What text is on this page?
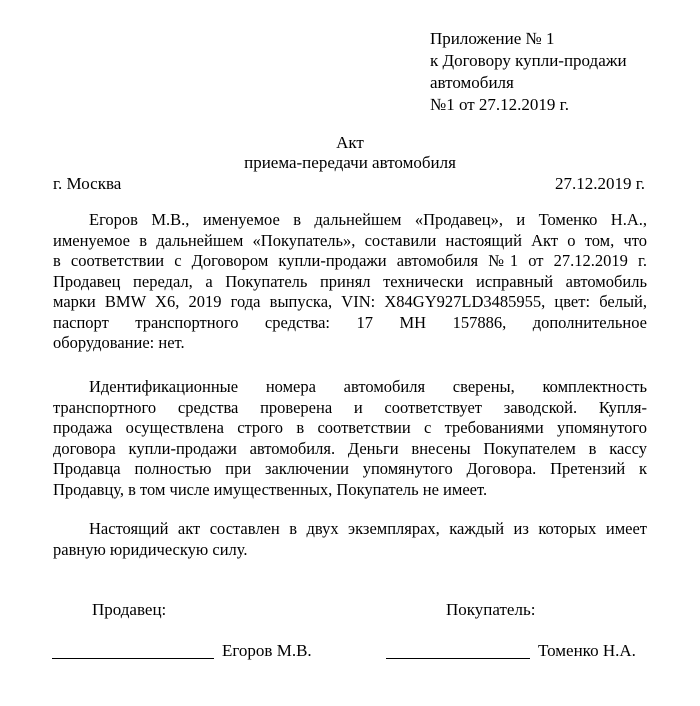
Приложение № 1
к Договору купли-продажи
автомобиля
№1 от 27.12.2019 г.
Акт
приема-передачи автомобиля
г. Москва	27.12.2019 г.
Егоров М.В., именуемое в дальнейшем «Продавец», и Томенко Н.А.,
именуемое в дальнейшем «Покупатель», составили настоящий Акт о том, что
в соответствии с Договором купли-продажи автомобиля №1 от 27.12.2019 г.
Продавец передал, а Покупатель принял технически исправный автомобиль
марки BMW X6, 2019 года выпуска, VIN: X84GY927LD3485955, цвет: белый,
паспорт транспортного средства: 17 МН 157886, дополнительное
оборудование: нет.
Идентификационные номера автомобиля сверены, комплектность
транспортного средства проверена и соответствует заводской. Купля-
продажа осуществлена строго в соответствии с требованиями упомянутого
договора купли-продажи автомобиля. Деньги внесены Покупателем в кассу
Продавца полностью при заключении упомянутого Договора. Претензий к
Продавцу, в том числе имущественных, Покупатель не имеет.
Настоящий акт составлен в двух экземплярах, каждый из которых имеет
равную юридическую силу.
Продавец:	Покупатель:
Егоров М.В.	Томенко Н.А.
